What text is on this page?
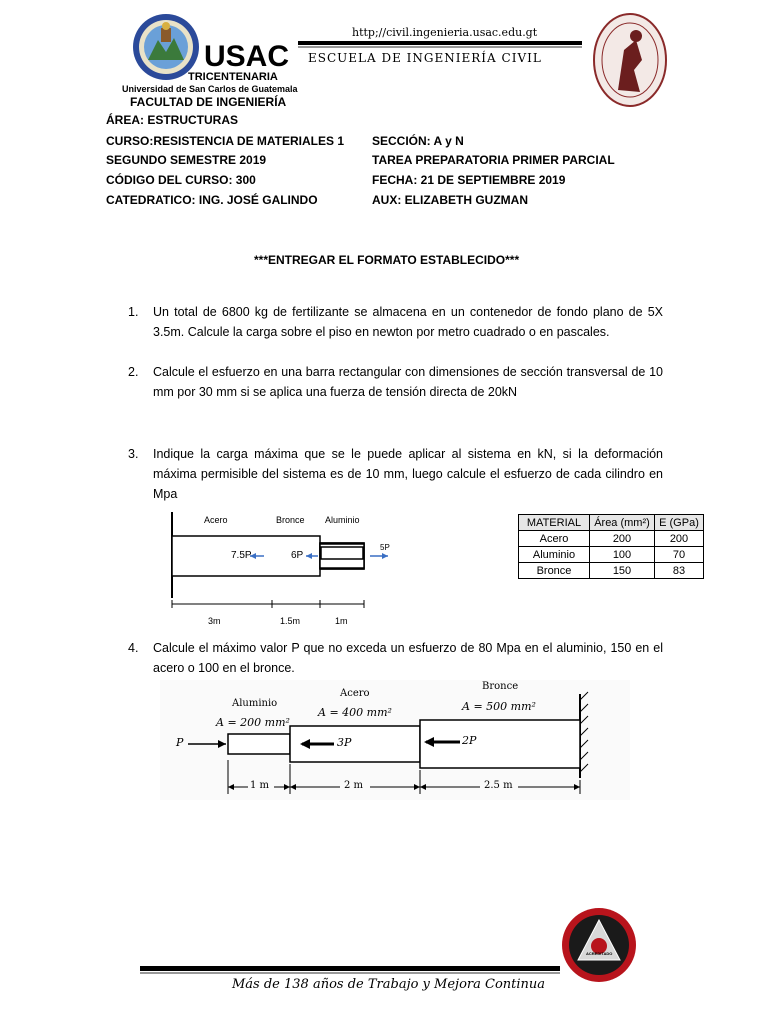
USAC
TRICENTENARIA
Universidad de San Carlos de Guatemala
FACULTAD DE INGENIERÍA
http;//civil.ingenieria.usac.edu.gt
ESCUELA DE INGENIERÍA CIVIL
ÁREA: ESTRUCTURAS
CURSO:RESISTENCIA DE MATERIALES 1 SECCIÓN: A y N
SEGUNDO SEMESTRE 2019	TAREA PREPARATORIA PRIMER PARCIAL
CÓDIGO DEL CURSO: 300	FECHA: 21 DE SEPTIEMBRE 2019
CATEDRATICO: ING. JOSÉ GALINDO	AUX: ELIZABETH GUZMAN
***ENTREGAR EL FORMATO ESTABLECIDO***
1. Un total de 6800 kg de fertilizante se almacena en un contenedor de fondo plano de 5X 3.5m. Calcule la carga sobre el piso en newton por metro cuadrado o en pascales.
2. Calcule el esfuerzo en una barra rectangular con dimensiones de sección transversal de 10 mm por 30 mm si se aplica una fuerza de tensión directa de 20kN
3. Indique la carga máxima que se le puede aplicar al sistema en kN, si la deformación máxima permisible del sistema es de 10 mm, luego calcule el esfuerzo de cada cilindro en Mpa
Acero	Bronce Aluminio
7.5P	6P
5P
3m	1.5m	1m
MATERIAL	Área (mm²)	E (GPa)
Acero	200	200
Aluminio	100	70
Bronce	150	83
4. Calcule el máximo valor P que no exceda un esfuerzo de 80 Mpa en el aluminio, 150 en el acero o 100 en el bronce.
Aluminio
Acero
Bronce
A = 200 mm²
A = 400 mm²	A = 500 mm²
P	3P	2P
1 m	2 m	2.5 m
Más de 138 años de Trabajo y Mejora Continua
ACREDITADO
